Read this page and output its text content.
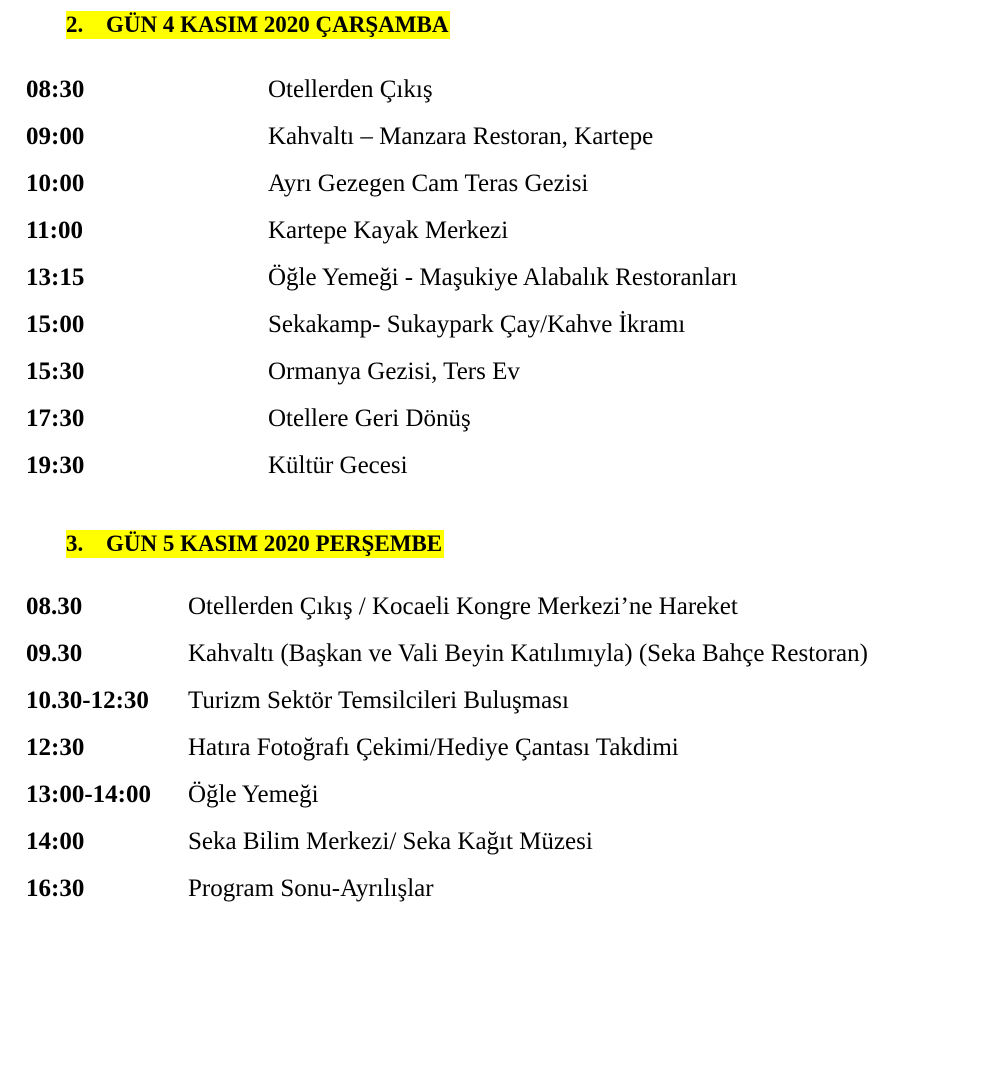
2. GÜN 4 KASIM 2020 ÇARŞAMBA
08:30	Otellerden Çıkış
09:00	Kahvaltı – Manzara Restoran, Kartepe
10:00	Ayrı Gezegen Cam Teras Gezisi
11:00	Kartepe Kayak Merkezi
13:15	Öğle Yemeği - Maşukiye Alabalık Restoranları
15:00	Sekakamp- Sukaypark Çay/Kahve İkramı
15:30	Ormanya Gezisi, Ters Ev
17:30	Otellere Geri Dönüş
19:30	Kültür Gecesi
3. GÜN 5 KASIM 2020 PERŞEMBE
08.30	Otellerden Çıkış / Kocaeli Kongre Merkezi’ne Hareket
09.30	Kahvaltı (Başkan ve Vali Beyin Katılımıyla) (Seka Bahçe Restoran)
10.30-12:30 Turizm Sektör Temsilcileri Buluşması
12:30	Hatıra Fotoğrafı Çekimi/Hediye Çantası Takdimi
13:00-14:00 Öğle Yemeği
14:00	Seka Bilim Merkezi/ Seka Kağıt Müzesi
16:30	Program Sonu-Ayrılışlar
